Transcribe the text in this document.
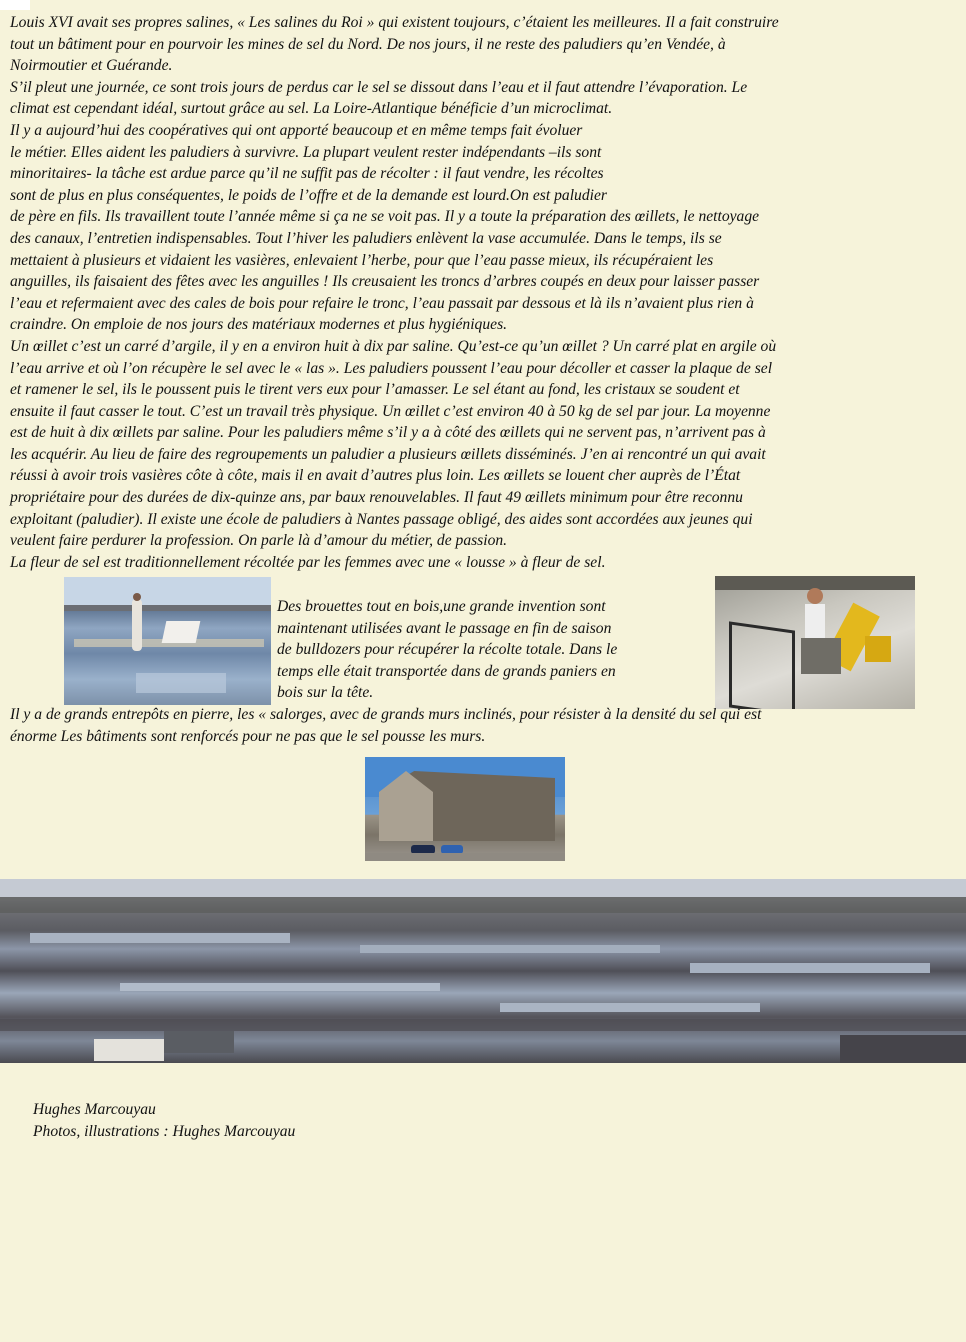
Louis XVI avait ses propres salines, « Les salines du Roi » qui existent toujours, c’étaient les meilleures. Il a fait construire
tout un bâtiment pour en pourvoir les mines de sel du Nord. De nos jours, il ne reste des paludiers qu’en Vendée, à
Noirmoutier et Guérande.

S’il pleut une journée, ce sont trois jours de perdus car le sel se dissout dans l’eau et il faut attendre l’évaporation. Le
climat est cependant idéal, surtout grâce au sel. La Loire-Atlantique bénéficie d’un microclimat.

Il y a aujourd’hui des coopératives qui ont apporté beaucoup et en même temps fait évoluer
le métier. Elles aident les paludiers à survivre. La plupart veulent rester indépendants –ils sont
minoritaires- la tâche est ardue parce qu’il ne suffit pas de récolter : il faut vendre, les récoltes
sont de plus en plus conséquentes, le poids de l’offre et de la demande est lourd.On est paludier
de père en fils. Ils travaillent toute l’année même si ça ne se voit pas. Il y a toute la préparation des œillets, le nettoyage
des canaux, l’entretien indispensables. Tout l’hiver les paludiers enlèvent la vase accumulée. Dans le temps, ils se
mettaient à plusieurs et vidaient les vasières, enlevaient l’herbe, pour que l’eau passe mieux, ils récupéraient les
anguilles, ils faisaient des fêtes avec les anguilles ! Ils creusaient les troncs d’arbres coupés en deux pour laisser passer
l’eau et refermaient avec des cales de bois pour refaire le tronc, l’eau passait par dessous et là ils n’avaient plus rien à
craindre. On emploie de nos jours des matériaux modernes et plus hygiéniques.

Un œillet c’est un carré d’argile, il y en a environ huit à dix par saline. Qu’est-ce qu’un œillet ? Un carré plat en argile où
l’eau arrive et où l’on récupère le sel avec le « las ». Les paludiers poussent l’eau pour décoller et casser la plaque de sel
et ramener le sel, ils le poussent puis le tirent vers eux pour l’amasser. Le sel étant au fond, les cristaux se soudent et
ensuite il faut casser le tout. C’est un travail très physique. Un œillet c’est environ 40 à 50 kg de sel par jour. La moyenne
est de huit à dix œillets par saline. Pour les paludiers même s’il y a à côté des œillets qui ne servent pas, n’arrivent pas à
les acquérir. Au lieu de faire des regroupements un paludier a plusieurs œillets disséminés. J’en ai rencontré un qui avait
réussi à avoir trois vasières côte à côte, mais il en avait d’autres plus loin. Les œillets se louent cher auprès de l’État
propriétaire pour des durées de dix-quinze ans, par baux renouvelables. Il faut 49 œillets minimum pour être reconnu
exploitant (paludier). Il existe une école de paludiers à Nantes passage obligé, des aides sont accordées aux jeunes qui
veulent faire perdurer la profession. On parle là d’amour du métier, de passion.

La fleur de sel est traditionnellement récoltée par les femmes avec une « lousse » à fleur de sel.

Des brouettes tout en bois,une grande invention sont
maintenant utilisées avant le passage en fin de saison
de bulldozers pour récupérer la récolte totale. Dans le
temps elle était transportée dans de grands paniers en
bois sur la tête.

Il y a de grands entrepôts en pierre, les « salorges, avec de grands murs inclinés, pour résister à la densité du sel qui est
énorme Les bâtiments sont renforcés pour ne pas que le sel pousse les murs.

Hughes Marcouyau
Photos, illustrations : Hughes Marcouyau
